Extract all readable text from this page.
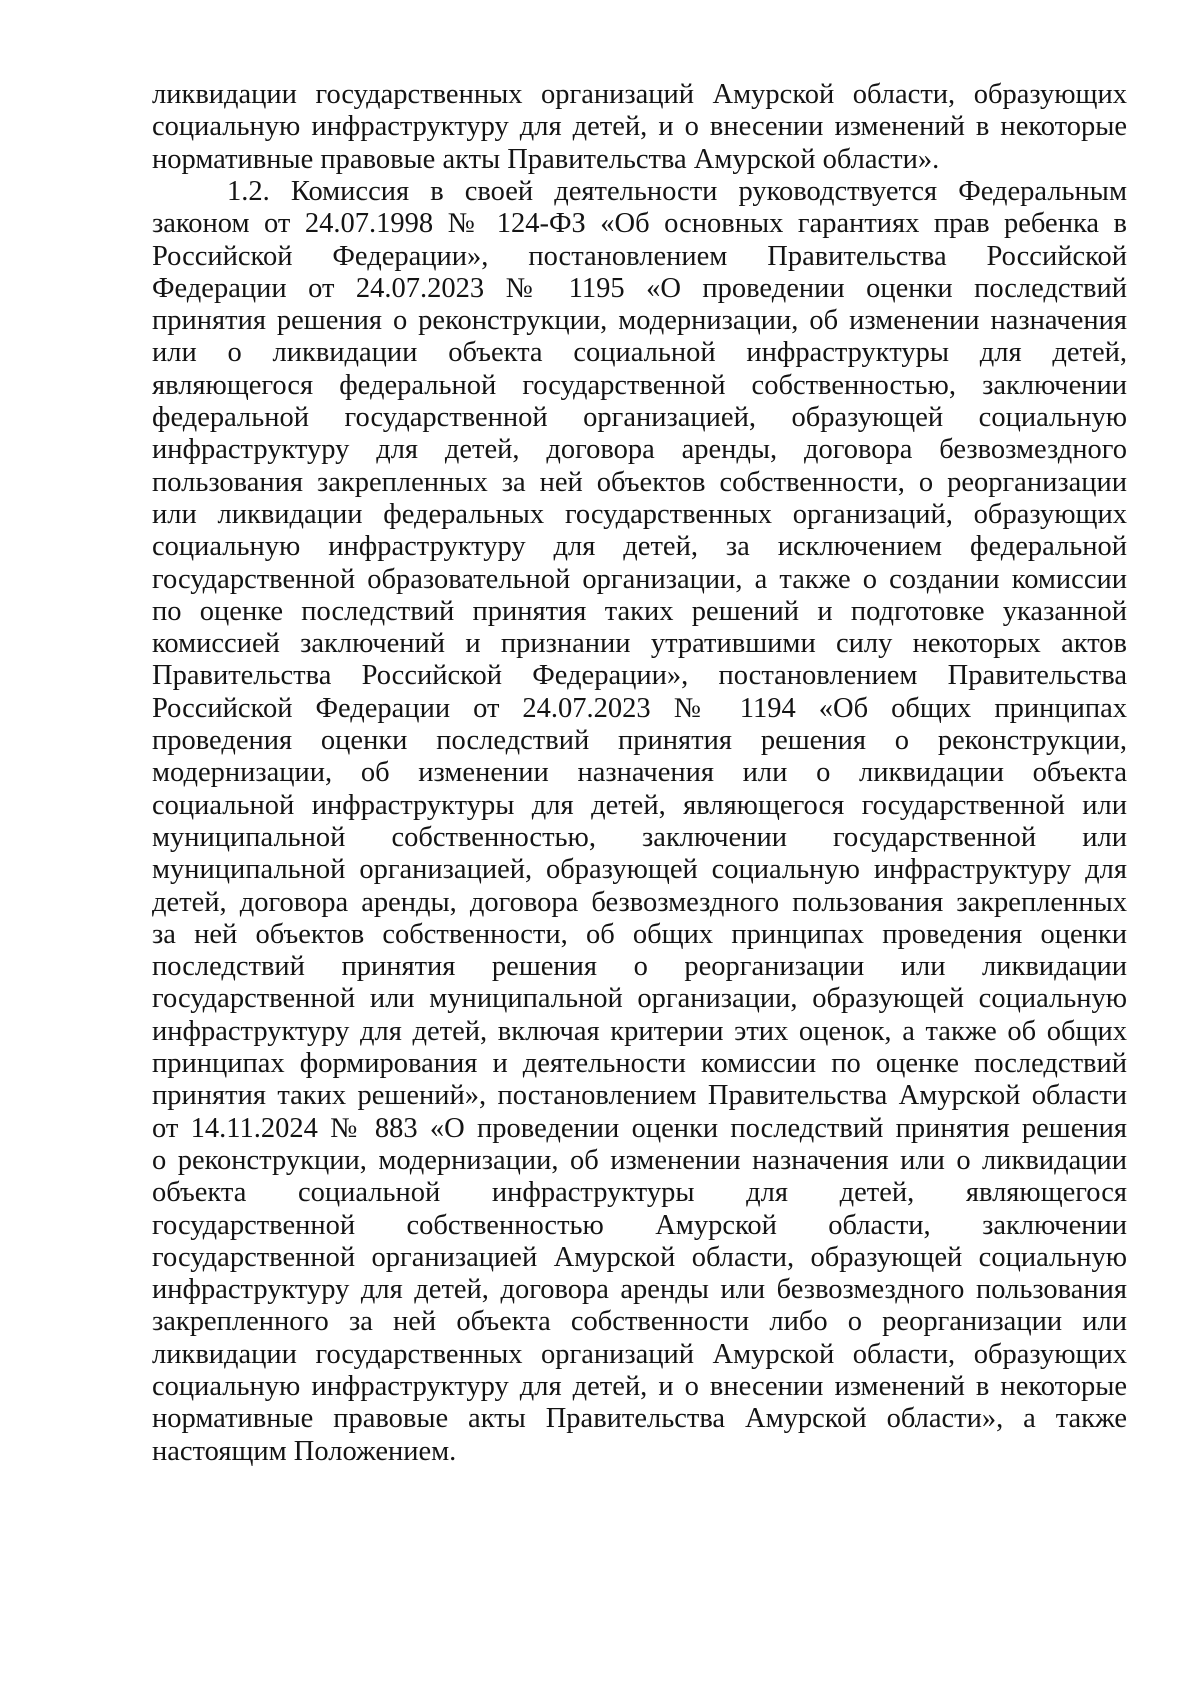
ликвидации государственных организаций Амурской области, образующих
социальную инфраструктуру для детей, и о внесении изменений в некоторые
нормативные правовые акты Правительства Амурской области».
1.2. Комиссия в своей деятельности руководствуется Федеральным
законом от 24.07.1998 № 124-ФЗ «Об основных гарантиях прав ребенка в
Российской Федерации», постановлением Правительства Российской
Федерации от 24.07.2023 № 1195 «О проведении оценки последствий
принятия решения о реконструкции, модернизации, об изменении назначения
или о ликвидации объекта социальной инфраструктуры для детей,
являющегося федеральной государственной собственностью, заключении
федеральной государственной организацией, образующей социальную
инфраструктуру для детей, договора аренды, договора безвозмездного
пользования закрепленных за ней объектов собственности, о реорганизации
или ликвидации федеральных государственных организаций, образующих
социальную инфраструктуру для детей, за исключением федеральной
государственной образовательной организации, а также о создании комиссии
по оценке последствий принятия таких решений и подготовке указанной
комиссией заключений и признании утратившими силу некоторых актов
Правительства Российской Федерации», постановлением Правительства
Российской Федерации от 24.07.2023 № 1194 «Об общих принципах
проведения оценки последствий принятия решения о реконструкции,
модернизации, об изменении назначения или о ликвидации объекта
социальной инфраструктуры для детей, являющегося государственной или
муниципальной собственностью, заключении государственной или
муниципальной организацией, образующей социальную инфраструктуру для
детей, договора аренды, договора безвозмездного пользования закрепленных
за ней объектов собственности, об общих принципах проведения оценки
последствий принятия решения о реорганизации или ликвидации
государственной или муниципальной организации, образующей социальную
инфраструктуру для детей, включая критерии этих оценок, а также об общих
принципах формирования и деятельности комиссии по оценке последствий
принятия таких решений», постановлением Правительства Амурской области
от 14.11.2024 № 883 «О проведении оценки последствий принятия решения
о реконструкции, модернизации, об изменении назначения или о ликвидации
объекта социальной инфраструктуры для детей, являющегося
государственной собственностью Амурской области, заключении
государственной организацией Амурской области, образующей социальную
инфраструктуру для детей, договора аренды или безвозмездного пользования
закрепленного за ней объекта собственности либо о реорганизации или
ликвидации государственных организаций Амурской области, образующих
социальную инфраструктуру для детей, и о внесении изменений в некоторые
нормативные правовые акты Правительства Амурской области», а также
настоящим Положением.
